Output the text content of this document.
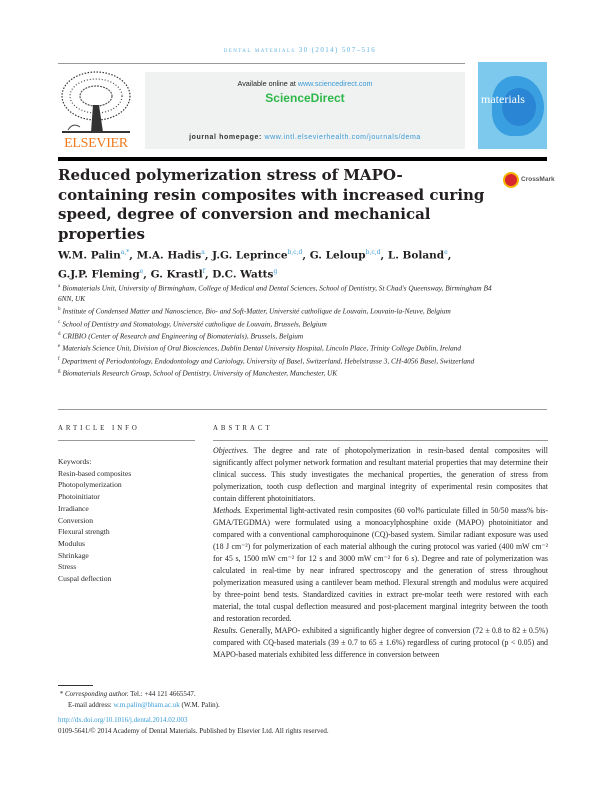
dental materials 30 (2014) 507–516
ELSEVIER
Available online at www.sciencedirect.com
ScienceDirect
journal homepage: www.intl.elsevierhealth.com/journals/dema
materials
Reduced polymerization stress of MAPO-containing resin composites with increased curing speed, degree of conversion and mechanical properties
CrossMark
W.M. Palin$^{a,*}$, M.A. Hadis$^a$, J.G. Leprince$^{b,c,d}$, G. Leloup$^{b,c,d}$, L. Boland$^e$,
G.J.P. Fleming$^e$, G. Krastl$^f$, D.C. Watts$^g$
$^a$ Biomaterials Unit, University of Birmingham, College of Medical and Dental Sciences, School of Dentistry, St Chad's Queensway, Birmingham B4 6NN, UK
$^b$ Institute of Condensed Matter and Nanoscience, Bio- and Soft-Matter, Université catholique de Louvain, Louvain-la-Neuve, Belgium
$^c$ School of Dentistry and Stomatology, Université catholique de Louvain, Brussels, Belgium
$^d$ CRIBIO (Center of Research and Engineering of Biomaterials), Brussels, Belgium
$^e$ Materials Science Unit, Division of Oral Biosciences, Dublin Dental University Hospital, Lincoln Place, Trinity College Dublin, Ireland
$^f$ Department of Periodontology, Endodontology and Cariology, University of Basel, Switzerland, Hebelstrasse 3, CH-4056 Basel, Switzerland
$^g$ Biomaterials Research Group, School of Dentistry, University of Manchester, Manchester, UK
ARTICLE INFO	ABSTRACT
Keywords:
Resin-based composites
Photopolymerization
Photoinitiator
Irradiance
Conversion
Flexural strength
Modulus
Shrinkage
Stress
Cuspal deflection

Objectives. The degree and rate of photopolymerization in resin-based dental composites will significantly affect polymer network formation and resultant material properties that may determine their clinical success. This study investigates the mechanical properties, the generation of stress from polymerization, tooth cusp deflection and marginal integrity of experimental resin composites that contain different photoinitiators.

Methods. Experimental light-activated resin composites (60 vol% particulate filled in 50/50 mass% bis-GMA/TEGDMA) were formulated using a monoacylphosphine oxide (MAPO) photoinitiator and compared with a conventional camphoroquinone (CQ)-based system. Similar radiant exposure was used (18 J cm⁻²) for polymerization of each material although the curing protocol was varied (400 mW cm⁻² for 45 s, 1500 mW cm⁻² for 12 s and 3000 mW cm⁻² for 6 s). Degree and rate of polymerization was calculated in real-time by near infrared spectroscopy and the generation of stress throughout polymerization measured using a cantilever beam method. Flexural strength and modulus were acquired by three-point bend tests. Standardized cavities in extract pre-molar teeth were restored with each material, the total cuspal deflection measured and post-placement marginal integrity between the tooth and restoration recorded.

Results. Generally, MAPO- exhibited a significantly higher degree of conversion (72 ± 0.8 to 82 ± 0.5%) compared with CQ-based materials (39 ± 0.7 to 65 ± 1.6%) regardless of curing protocol (p < 0.05) and MAPO-based materials exhibited less difference in conversion between

* Corresponding author. Tel.: +44 121 4665547.
E-mail address: w.m.palin@bham.ac.uk (W.M. Palin).
http://dx.doi.org/10.1016/j.dental.2014.02.003
0109-5641/© 2014 Academy of Dental Materials. Published by Elsevier Ltd. All rights reserved.
